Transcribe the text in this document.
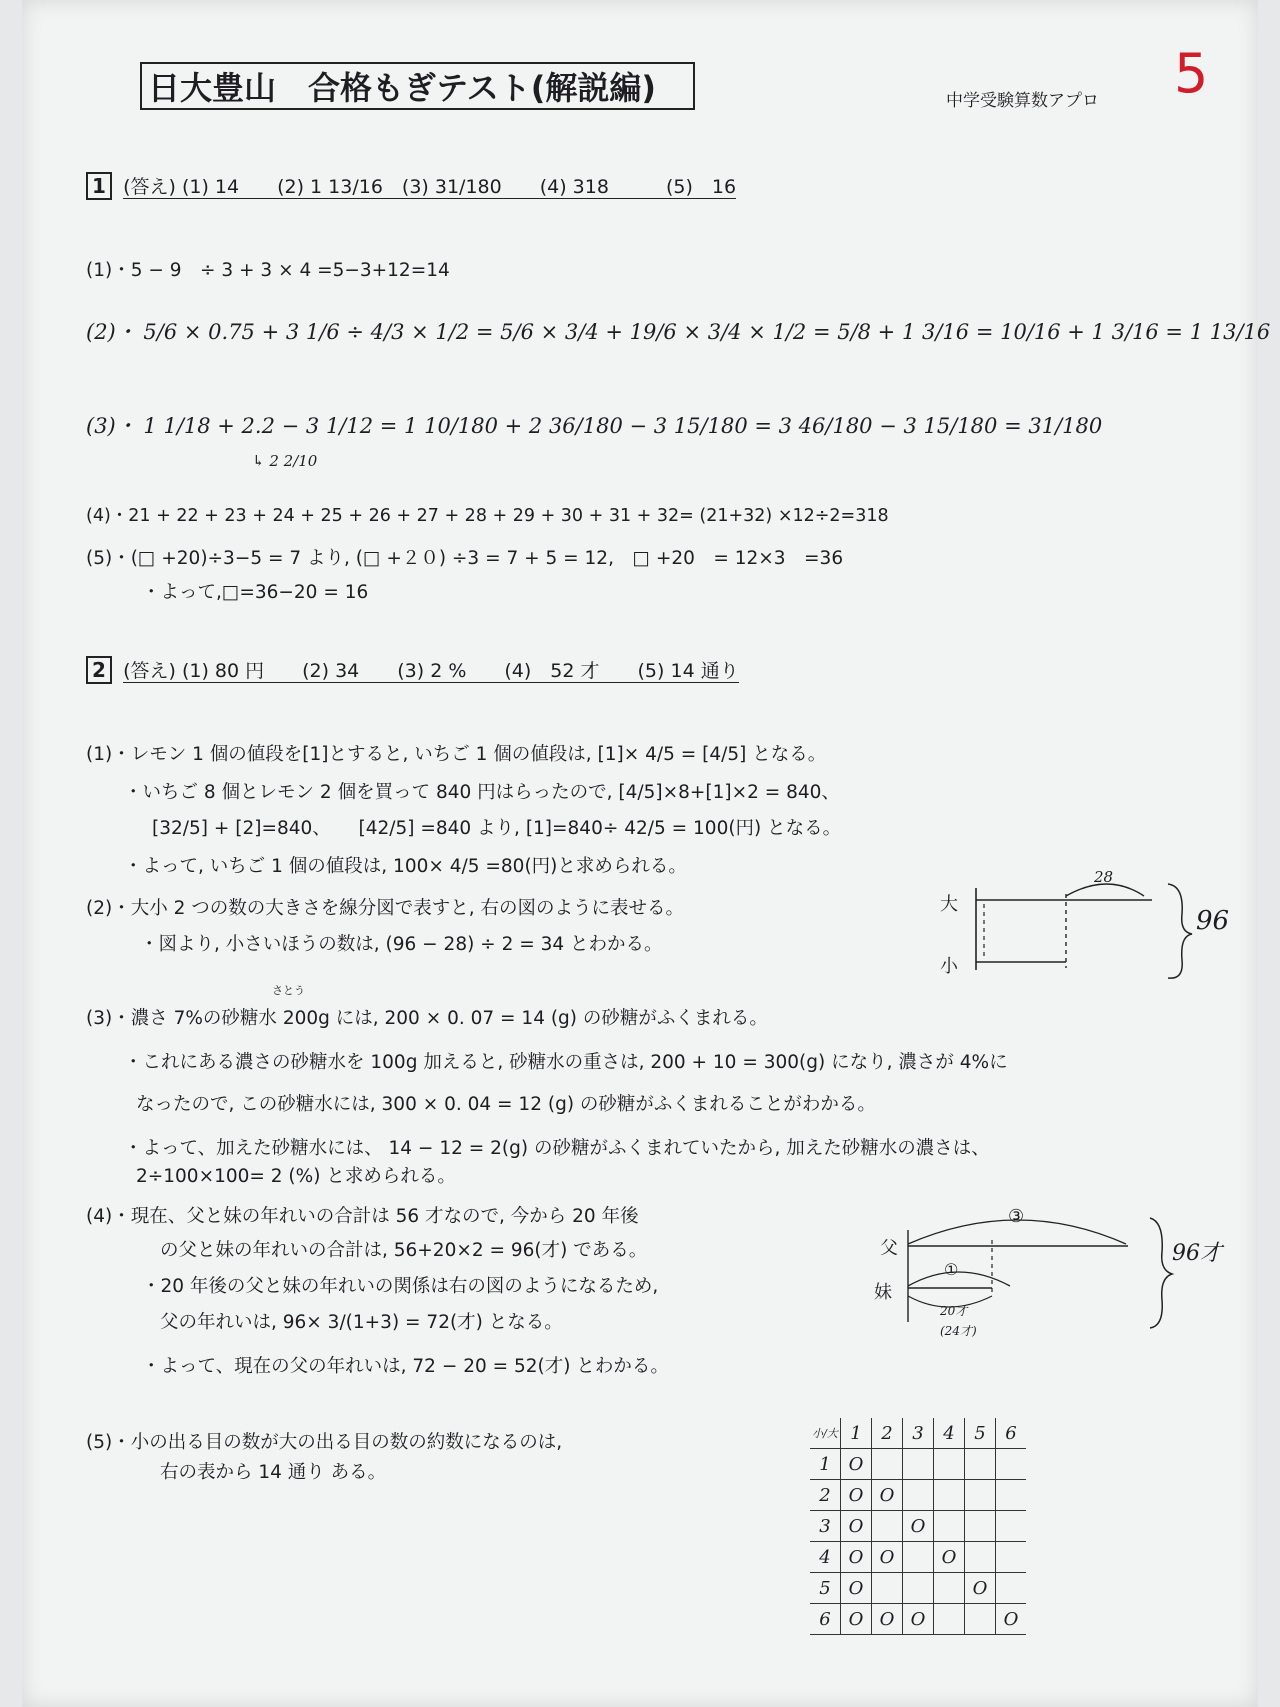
日大豊山　合格もぎテスト(解説編)	中学受験算数アプロ 5
1 (答え) (1) 14　　(2) 1 13/16　(3) 31/180　　(4) 318　　　(5)　16
(1)・5 − 9　÷ 3 + 3 × 4 =5−3+12=14
(2)・ 5/6 × 0.75 + 3 1/6 ÷ 4/3 × 1/2 = 5/6 × 3/4 + 19/6 × 3/4 × 1/2 = 5/8 + 1 3/16 = 10/16 + 1 3/16 = 1 13/16
(3)・ 1 1/18 + 2.2 − 3 1/12 = 1 10/180 + 2 36/180 − 3 15/180 = 3 46/180 − 3 15/180 = 31/180
↳ 2 2/10
(4)・21 + 22 + 23 + 24 + 25 + 26 + 27 + 28 + 29 + 30 + 31 + 32= (21+32) ×12÷2=318
(5)・(□ +20)÷3−5 = 7 より, (□ +２０) ÷3 = 7 + 5 = 12,　□ +20　= 12×3　=36
・よって,□=36−20 = 16
2 (答え) (1) 80 円　　(2) 34　　(3) 2 %　　(4)　52 才　　(5) 14 通り
(1)・レモン 1 個の値段を[1]とすると, いちご 1 個の値段は, [1]× 4/5 = [4/5] となる。
・いちご 8 個とレモン 2 個を買って 840 円はらったので, [4/5]×8+[1]×2 = 840、
[32/5] + [2]=840、　　[42/5] =840 より, [1]=840÷ 42/5 = 100(円) となる。
・よって, いちご 1 個の値段は, 100× 4/5 =80(円)と求められる。
(2)・大小 2 つの数の大きさを線分図で表すと, 右の図のように表せる。
・図より, 小さいほうの数は, (96 − 28) ÷ 2 = 34 とわかる。
大
小
28
96
さとう
(3)・濃さ 7%の砂糖水 200g には, 200 × 0. 07 = 14 (g) の砂糖がふくまれる。
・これにある濃さの砂糖水を 100g 加えると, 砂糖水の重さは, 200 + 10 = 300(g) になり, 濃さが 4%に
なったので, この砂糖水には, 300 × 0. 04 = 12 (g) の砂糖がふくまれることがわかる。
・よって、加えた砂糖水には、 14 − 12 = 2(g) の砂糖がふくまれていたから, 加えた砂糖水の濃さは、
2÷100×100= 2 (%) と求められる。
(4)・現在、父と妹の年れいの合計は 56 才なので, 今から 20 年後
の父と妹の年れいの合計は, 56+20×2 = 96(才) である。
・20 年後の父と妹の年れいの関係は右の図のようになるため,
父の年れいは, 96× 3/(1+3) = 72(才) となる。
・よって、現在の父の年れいは, 72 − 20 = 52(才) とわかる。
父
妹
③
①
20才
(24才)
96才
(5)・小の出る目の数が大の出る目の数の約数になるのは,
右の表から 14 通り ある。
小/大	1	2	3	4	5	6
1	O					
2	O	O				
3	O		O			
4	O	O		O		
5	O				O	
6	O	O	O			O
